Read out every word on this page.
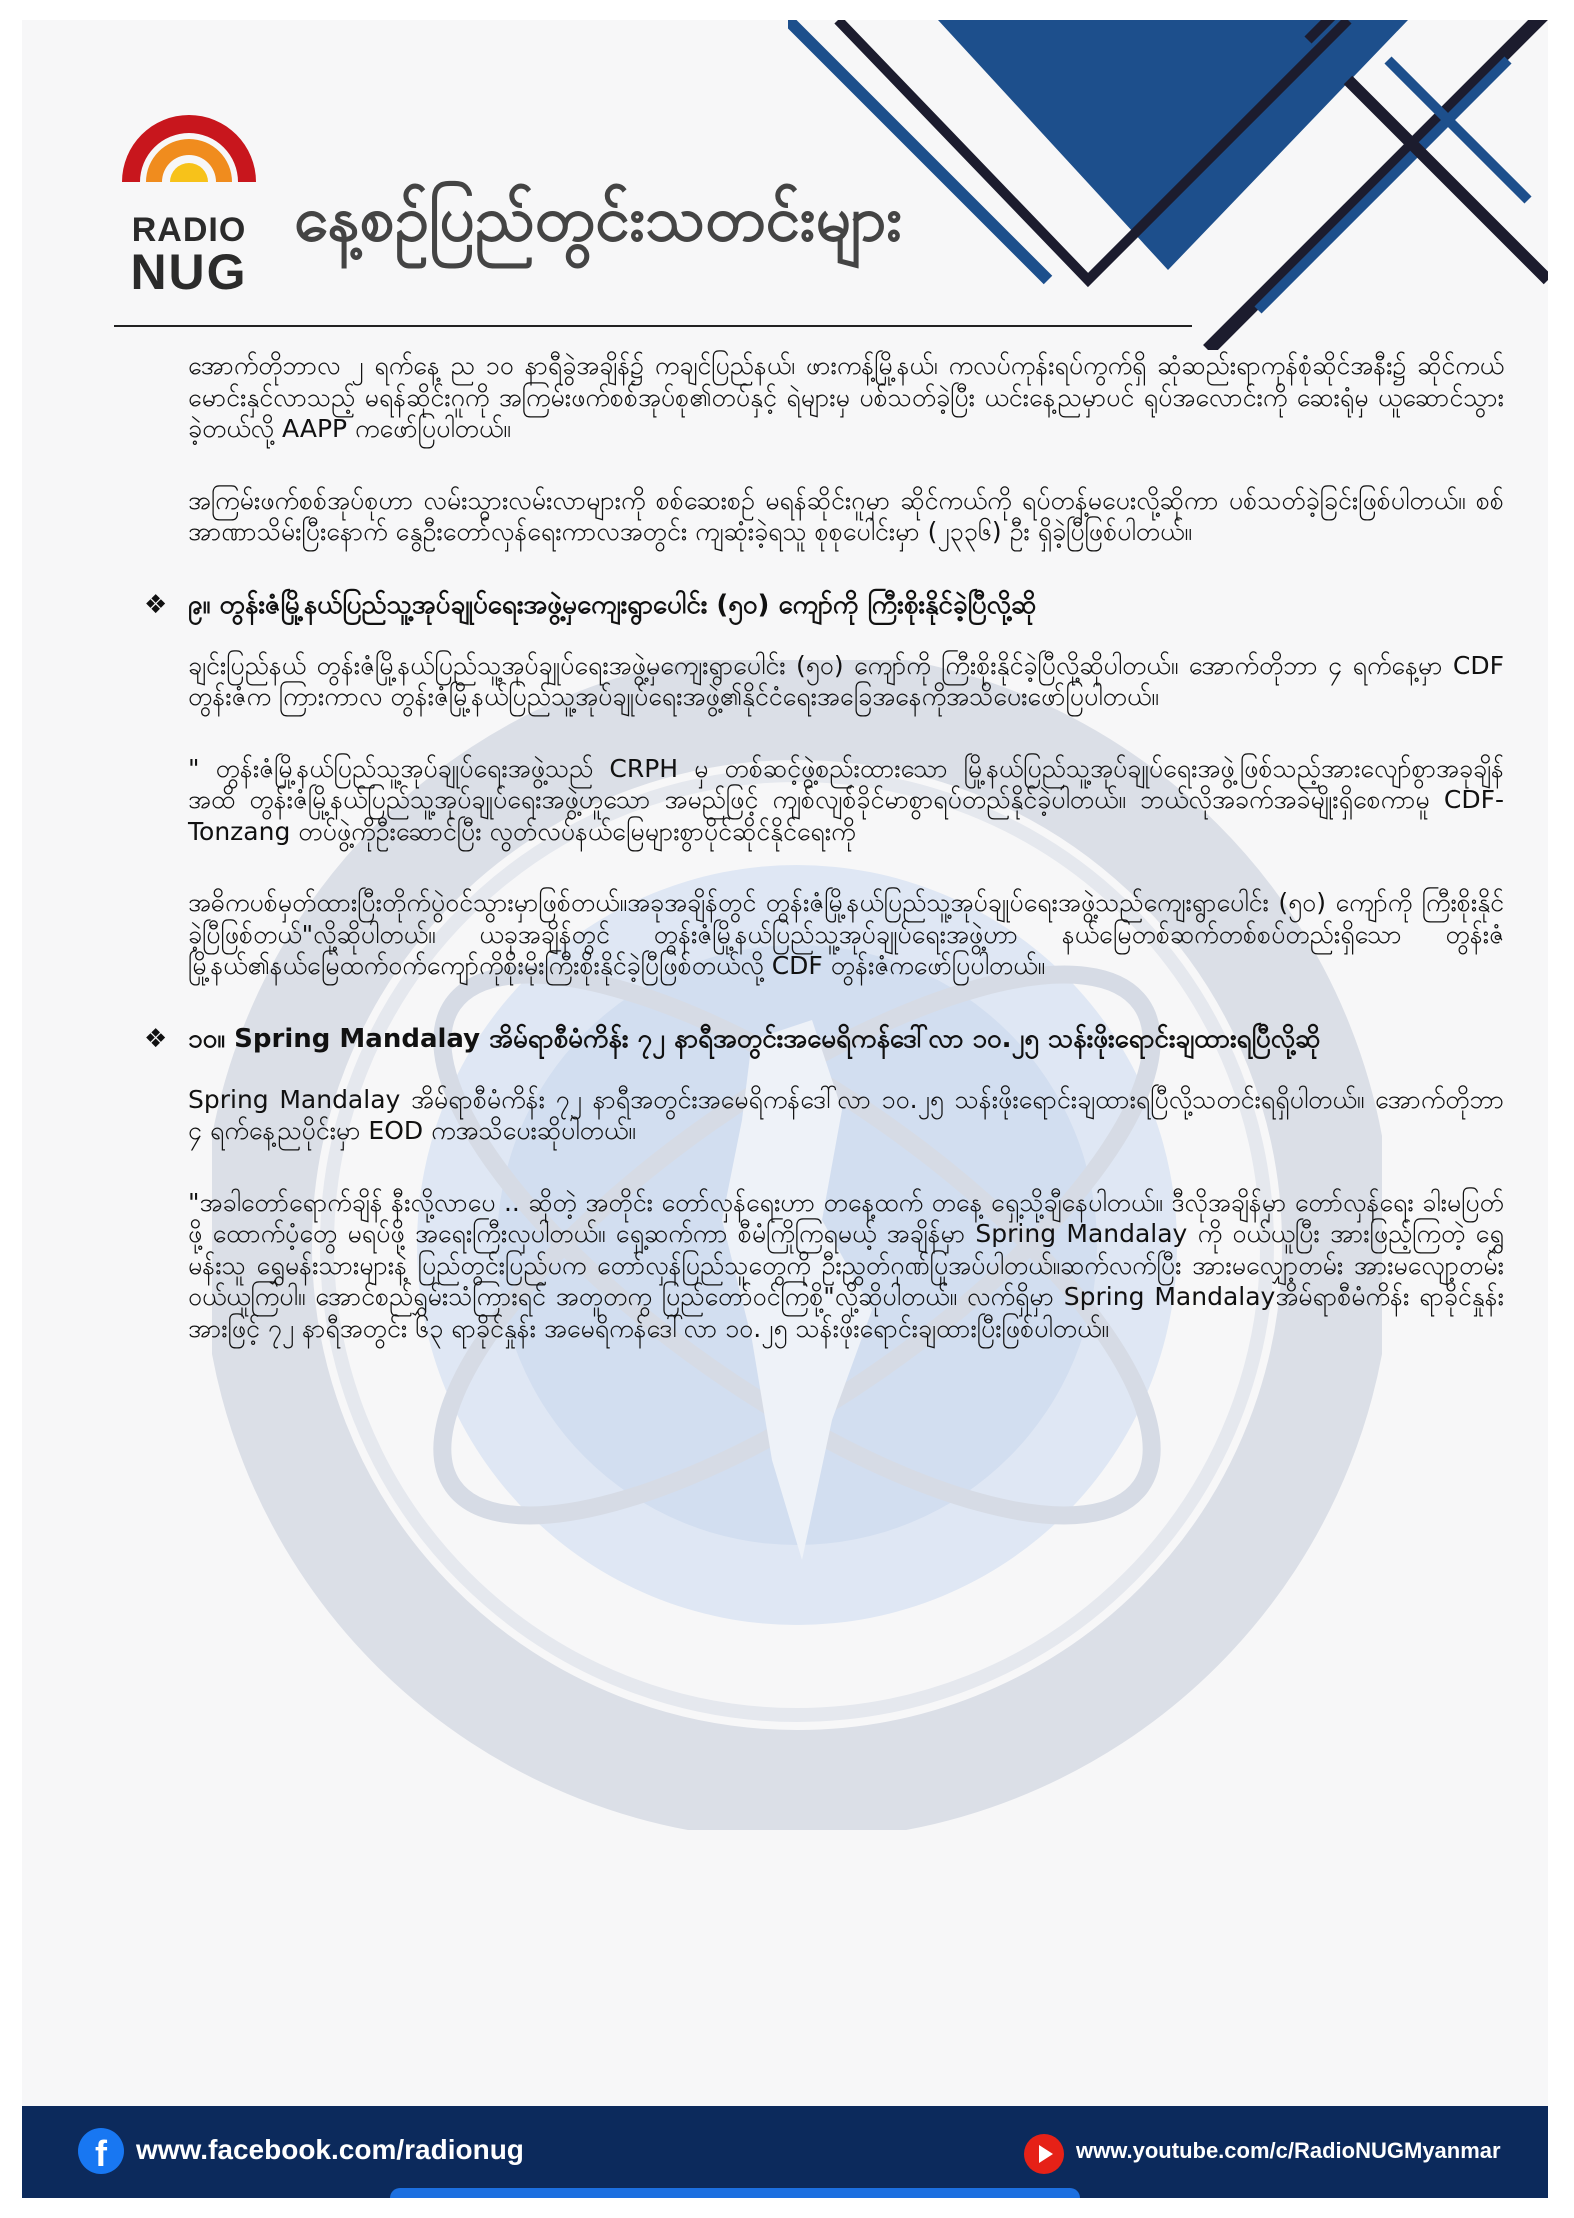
RADIO
NUG
နေ့စဉ်ပြည်တွင်းသတင်းများ

အောက်တိုဘာလ ၂ ရက်နေ့ ည ၁၀ နာရီခွဲအချိန်၌ ကချင်ပြည်နယ်၊ ဖားကန့်မြို့နယ်၊ ကလပ်ကုန်းရပ်ကွက်ရှိ ဆုံဆည်းရာကုန်စုံဆိုင်အနီး၌ ဆိုင်ကယ်မောင်းနှင်လာသည့် မရန်ဆိုင်းဂူကို အကြမ်းဖက်စစ်အုပ်စု၏တပ်နှင့် ရဲများမှ ပစ်သတ်ခဲ့ပြီး ယင်းနေ့ညမှာပင် ရုပ်အလောင်းကို ဆေးရုံမှ ယူဆောင်သွားခဲ့တယ်လို့ AAPP ကဖော်ပြပါတယ်။

အကြမ်းဖက်စစ်အုပ်စုဟာ လမ်းသွားလမ်းလာများကို စစ်ဆေးစဉ် မရန်ဆိုင်းဂူမှာ ဆိုင်ကယ်ကို ရပ်တန့်မပေးလို့ဆိုကာ ပစ်သတ်ခဲ့ခြင်းဖြစ်ပါတယ်။ စစ်အာဏာသိမ်းပြီးနောက် နွေဦးတော်လှန်ရေးကာလအတွင်း ကျဆုံးခဲ့ရသူ စုစုပေါင်းမှာ (၂၃၃၆) ဦး ရှိခဲ့ပြီဖြစ်ပါတယ်။

❖ ၉။ တွန်းဇံမြို့နယ်ပြည်သူ့အုပ်ချုပ်ရေးအဖွဲ့မှကျေးရွာပေါင်း (၅၀) ကျော်ကို ကြီးစိုးနိုင်ခဲ့ပြီလို့ဆို

ချင်းပြည်နယ် တွန်းဇံမြို့နယ်ပြည်သူ့အုပ်ချုပ်ရေးအဖွဲ့မှကျေးရွာပေါင်း (၅၀) ကျော်ကို ကြီးစိုးနိုင်ခဲ့ပြီလို့ဆိုပါတယ်။ အောက်တိုဘာ ၄ ရက်နေ့မှာ CDF တွန်းဇံက ကြားကာလ တွန်းဇံမြို့နယ်ပြည်သူ့အုပ်ချုပ်ရေးအဖွဲ့၏နိုင်ငံရေးအခြေအနေကိုအသိပေးဖော်ပြပါတယ်။

" တွန်းဇံမြို့နယ်ပြည်သူ့အုပ်ချုပ်ရေးအဖွဲ့သည် CRPH မှ တစ်ဆင့်ဖွဲ့စည်းထားသော မြို့နယ်ပြည်သူ့အုပ်ချုပ်ရေးအဖွဲ့ဖြစ်သည့်အားလျော်စွာအခုချိန်အထိ တွန်းဇံမြို့နယ်ပြည်သူ့အုပ်ချုပ်ရေးအဖွဲ့ဟူသော အမည်ဖြင့် ကျစ်လျစ်ခိုင်မာစွာရပ်တည်နိုင်ခဲ့ပါတယ်။ ဘယ်လိုအခက်အခဲမျိုးရှိစေကာမူ CDF-Tonzang တပ်ဖွဲ့ကိုဦးဆောင်ပြီး လွတ်လပ်နယ်မြေများစွာပိုင်ဆိုင်နိုင်ရေးကို

အဓိကပစ်မှတ်ထားပြီးတိုက်ပွဲဝင်သွားမှာဖြစ်တယ်။အခုအချိန်တွင် တွန်းဇံမြို့နယ်ပြည်သူ့အုပ်ချုပ်ရေးအဖွဲ့သည်ကျေးရွာပေါင်း (၅၀) ကျော်ကို ကြီးစိုးနိုင်ခဲ့ပြီဖြစ်တယ်"လို့ဆိုပါတယ်။ ယခုအချိန်တွင် တွန်းဇံမြို့နယ်ပြည်သူ့အုပ်ချုပ်ရေးအဖွဲ့ဟာ နယ်မြေတစ်ဆက်တစ်စပ်တည်းရှိသော တွန်းဇံမြို့နယ်၏နယ်မြေထက်ဝက်ကျော်ကိုစိုးမိုးကြီးစိုးနိုင်ခဲ့ပြီဖြစ်တယ်လို့ CDF တွန်းဇံကဖော်ပြပါတယ်။

❖ ၁၀။ Spring Mandalay အိမ်ရာစီမံကိန်း ၇၂ နာရီအတွင်းအမေရိကန်ဒေါ်လာ ၁၀.၂၅ သန်းဖိုးရောင်းချထားရပြီလို့ဆို

Spring Mandalay အိမ်ရာစီမံကိန်း ၇၂ နာရီအတွင်းအမေရိကန်ဒေါ်လာ ၁၀.၂၅ သန်းဖိုးရောင်းချထားရပြီလို့သတင်းရရှိပါတယ်။ အောက်တိုဘာ ၄ ရက်နေ့ညပိုင်းမှာ EOD ကအသိပေးဆိုပါတယ်။

"အခါတော်ရောက်ချိန် နီးလို့လာပေ .. ဆိုတဲ့ အတိုင်း တော်လှန်ရေးဟာ တနေ့ထက် တနေ့ ရှေ့သို့ချီနေပါတယ်။ ဒီလိုအချိန်မှာ တော်လှန်ရေး ခါးမပြတ်ဖို့ ထောက်ပံ့တွေ မရပ်ဖို့ အရေးကြီးလှပါတယ်။ ရှေ့ဆက်ကာ စီမံကြိုကြရမယ့် အချိန်မှာ Spring Mandalay ကို ဝယ်ယူပြီး အားဖြည့်ကြတဲ့ ရွှေမန်းသူ ရွှေမန်းသားများနဲ့ ပြည်တွင်းပြည်ပက တော်လှန်ပြည်သူတွေကို ဦးညွှတ်ဂုဏ်ပြုအပ်ပါတယ်။ဆက်လက်ပြီး အားမလျှော့တမ်း အားမလျော့တမ်း ဝယ်ယူကြပါ။ အောင်စည်ရွှမ်းသံကြားရင် အတူတကွ ပြည်တော်ဝင်ကြစို့"လို့ဆိုပါတယ်။ လက်ရှိမှာ Spring Mandalayအိမ်ရာစီမံကိန်း ရာခိုင်နှုန်းအားဖြင့် ၇၂ နာရီအတွင်း ၆၃ ရာခိုင်နှုန်း အမေရိကန်ဒေါ်လာ ၁၀.၂၅ သန်းဖိုးရောင်းချထားပြီးဖြစ်ပါတယ်။

f	www.facebook.com/radionug	www.youtube.com/c/RadioNUGMyanmar
